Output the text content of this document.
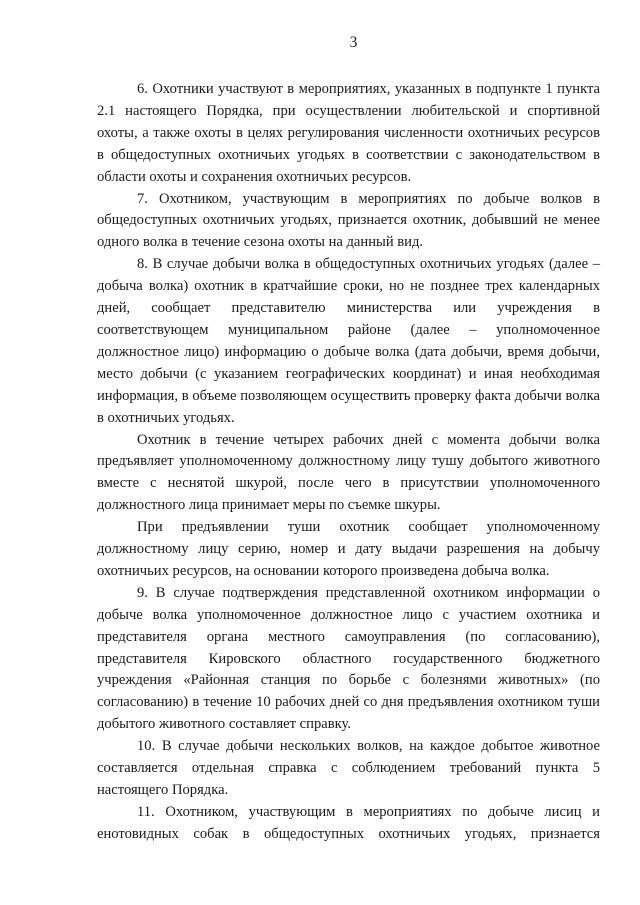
3

6. Охотники участвуют в мероприятиях, указанных в подпункте 1 пункта 2.1 настоящего Порядка, при осуществлении любительской и спортивной охоты, а также охоты в целях регулирования численности охотничьих ресурсов в общедоступных охотничьих угодьях в соответствии с законодательством в области охоты и сохранения охотничьих ресурсов.

7. Охотником, участвующим в мероприятиях по добыче волков в общедоступных охотничьих угодьях, признается охотник, добывший не менее одного волка в течение сезона охоты на данный вид.

8. В случае добычи волка в общедоступных охотничьих угодьях (далее – добыча волка) охотник в кратчайшие сроки, но не позднее трех календарных дней, сообщает представителю министерства или учреждения в соответствующем муниципальном районе (далее – уполномоченное должностное лицо) информацию о добыче волка (дата добычи, время добычи, место добычи (с указанием географических координат) и иная необходимая информация, в объеме позволяющем осуществить проверку факта добычи волка в охотничьих угодьях.

Охотник в течение четырех рабочих дней с момента добычи волка предъявляет уполномоченному должностному лицу тушу добытого животного вместе с неснятой шкурой, после чего в присутствии уполномоченного должностного лица принимает меры по съемке шкуры.

При предъявлении туши охотник сообщает уполномоченному должностному лицу серию, номер и дату выдачи разрешения на добычу охотничьих ресурсов, на основании которого произведена добыча волка.

9. В случае подтверждения представленной охотником информации о добыче волка уполномоченное должностное лицо с участием охотника и представителя органа местного самоуправления (по согласованию), представителя Кировского областного государственного бюджетного учреждения «Районная станция по борьбе с болезнями животных» (по согласованию) в течение 10 рабочих дней со дня предъявления охотником туши добытого животного составляет справку.

10. В случае добычи нескольких волков, на каждое добытое животное составляется отдельная справка с соблюдением требований пункта 5 настоящего Порядка.

11. Охотником, участвующим в мероприятиях по добыче лисиц и енотовидных собак в общедоступных охотничьих угодьях, признается
